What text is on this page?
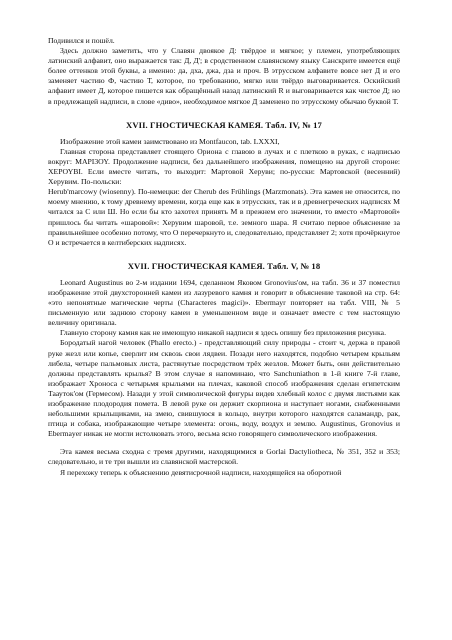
Подивился и пошёл.

Здесь должно заметить, что у Славян двоякое Д: твёрдое и мягкое; у племен, употребляющих латинский алфавит, оно выражается так: Д, Д'; в сродственном славянскому языку Санскрите имеется ещё более оттенков этой буквы, а именно: да, дха, джа, дза и проч. В этрусском алфавите вовсе нет Д и его заменяет частию Ф, частию Т, которое, по требованию, мягко или твёрдо выговаривается. Оскийский алфавит имеет Д, которое пишется как обращённый назад латинский R и выговаривается как чистое Д; но в предлежащей надписи, в слове «диво», необходимое мягкое Д заменено по этрусскому обычаю буквой Т.

XVII. ГНОСТИЧЕСКАЯ КАМЕЯ. Табл. IV, № 17

Изображение этой камеи заимствовано из Montfaucon, tab. LXXXI,

Главная сторона представляет стоящего Ориона с главою в лучах и с плеткою в руках, с надписью вокруг: MAΡΙ3ΟΥ. Продолжение надписи, без дальнейшего изображения, помещено на другой стороне: ΧΕΡΟΥΒΙ. Если вместе читать, то выходит: Мартовой Херуви; по-русски: Мартовской (весенний) Херувим. По-польски:

Herub'marcowy (wiosenny). По-немецки: der Cherub des Frühlings (Marzmonats). Эта камея не относится, по моему мнению, к тому древнему времени, когда еще как в этрусских, так и в древнегреческих надписях М читался за С или Ш. Но если бы кто захотел принять М в прежнем его значении, то вместо «Мартовой» пришлось бы читать «шаровой»: Херувим шаровой, т.е. земного шара. Я считаю первое объяснение за правильнейшее особенно потому, что О перечеркнуто и, следовательно, представляет 2; хотя прочёркнутое О и встречается в келтиберских надписях.

XVII. ГНОСТИЧЕСКАЯ КАМЕЯ. Табл. V, № 18

Leonard Augustinus во 2-м издании 1694, сделанном Яковом Gronovius'ом, на табл. 36 и 37 поместил изображение этой двухсторонней камеи из лазуревого камня и говорит в объяснение таковой на стр. 64: «это непонятные магические черты (Characteres magici)». Ebermayr повторяет на табл. VIII, № 5 письменную или заднюю сторону камеи в уменьшенном виде и означает вместе с тем настоящую величину оригинала.

Главную сторону камня как не имеющую никакой надписи я здесь опишу без приложения рисунка.

Бородатый нагой человек (Phallo erecto.) - представляющий силу природы - стоит ч, держа в правой руке жезл или копье, сверлит им сквозь свои лядвеи. Позади него находятся, подобно четырем крыльям либела, четыре пальмовых листа, растянутые посредством трёх жезлов. Может быть, они действительно должны представлять крылья? В этом случае я напоминаю, что Sanchuniathon в 1-й книге 7-й главе, изображает Хроноса с четырьмя крыльями на плечах, каковой способ изображения сделан египетским Таауток'ом (Гермесом). Назади у этой символической фигуры видев хлебный колос с двумя листьями как изображение плодородия помета. В левой руке он держит скорпиона и наступает ногами, снабженными небольшими крыльщиками, на змею, свившуюся в кольцо, внутри которого находятся саламандр, рак, птица и собака, изображающие четыре элемента: огонь, воду, воздух и землю. Augustinus, Gronovius и Ebermayer никак не могли истолковать этого, весьма ясно говорящего символического изображения.

Эта камея весьма сходна с тремя другими, находящимися в Gorlai Dactyliotheca, № 351, 352 и 353; следовательно, и те три вышли из славянской мастерской.

Я перехожу теперь к объяснению девятисрочной надписи, находящейся на оборотной
